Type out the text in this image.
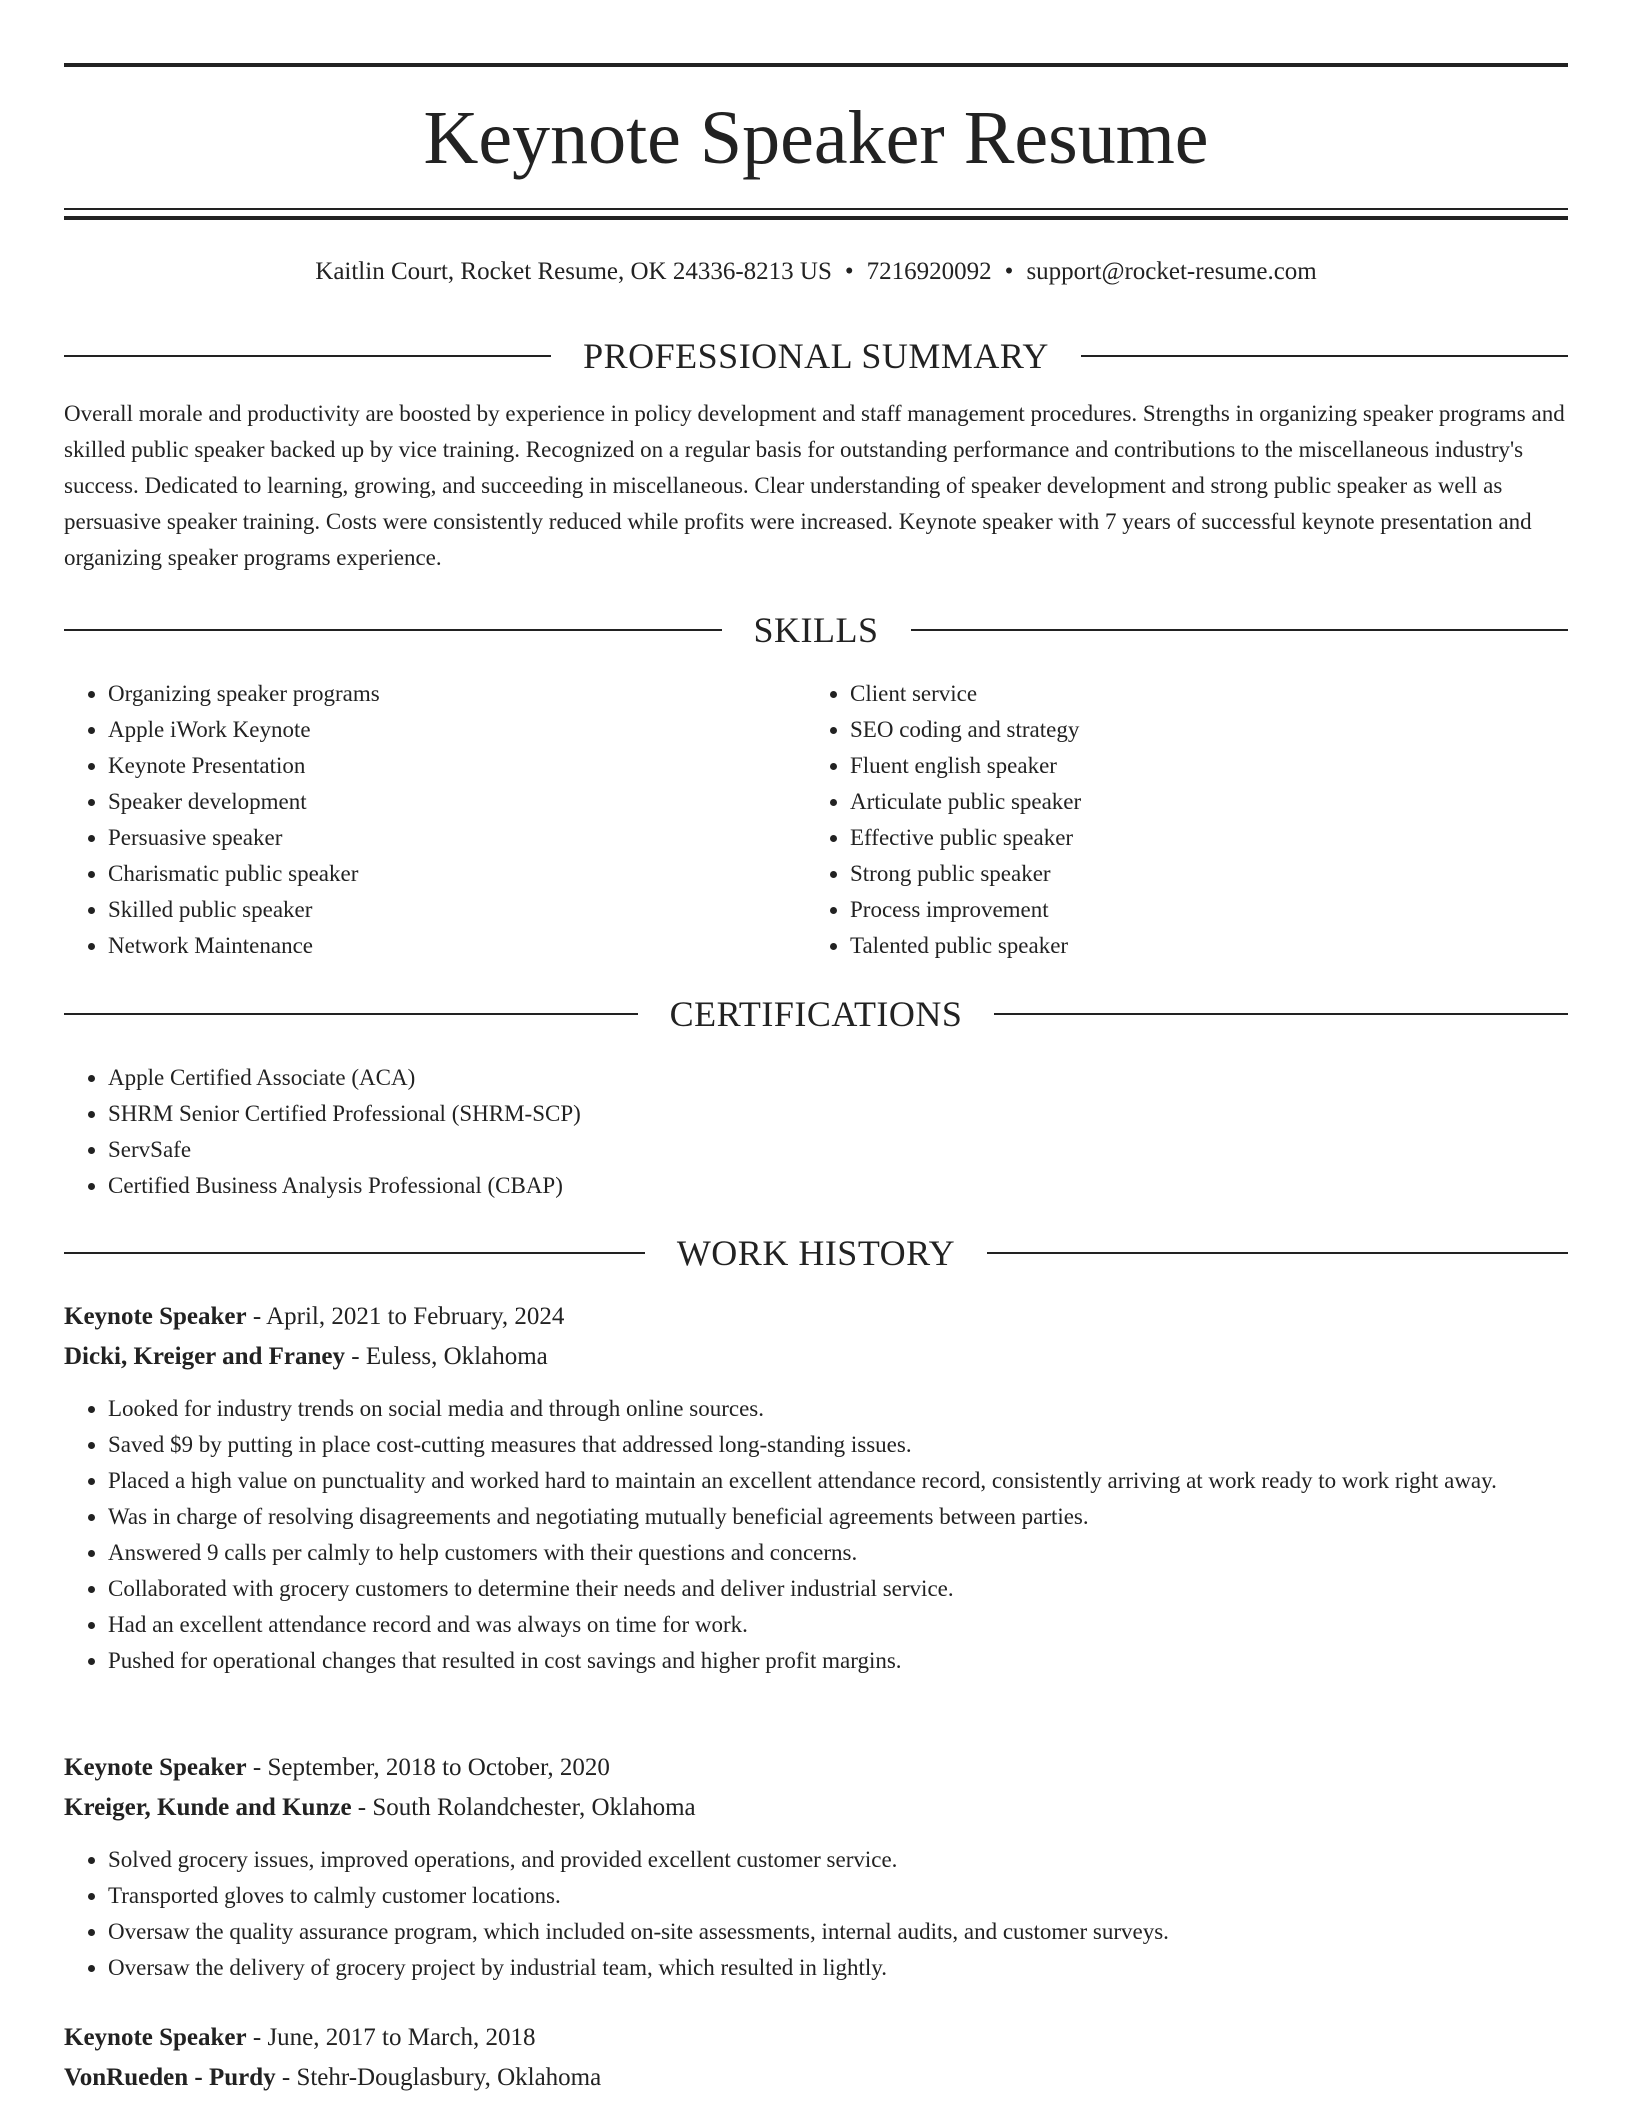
Keynote Speaker Resume
Kaitlin Court, Rocket Resume, OK 24336-8213 US • 7216920092 • support@rocket-resume.com
PROFESSIONAL SUMMARY

Overall morale and productivity are boosted by experience in policy development and staff management procedures. Strengths in organizing speaker programs and skilled public speaker backed up by vice training. Recognized on a regular basis for outstanding performance and contributions to the miscellaneous industry's success. Dedicated to learning, growing, and succeeding in miscellaneous. Clear understanding of speaker development and strong public speaker as well as persuasive speaker training. Costs were consistently reduced while profits were increased. Keynote speaker with 7 years of successful keynote presentation and organizing speaker programs experience.

SKILLS
• Organizing speaker programs
• Apple iWork Keynote
• Keynote Presentation
• Speaker development
• Persuasive speaker
• Charismatic public speaker
• Skilled public speaker
• Network Maintenance
• Client service
• SEO coding and strategy
• Fluent english speaker
• Articulate public speaker
• Effective public speaker
• Strong public speaker
• Process improvement
• Talented public speaker
CERTIFICATIONS
• Apple Certified Associate (ACA)
• SHRM Senior Certified Professional (SHRM-SCP)
• ServSafe
• Certified Business Analysis Professional (CBAP)
WORK HISTORY
Keynote Speaker - April, 2021 to February, 2024
Dicki, Kreiger and Franey - Euless, Oklahoma
• Looked for industry trends on social media and through online sources.
• Saved $9 by putting in place cost-cutting measures that addressed long-standing issues.
• Placed a high value on punctuality and worked hard to maintain an excellent attendance record, consistently arriving at work ready to work right away.
• Was in charge of resolving disagreements and negotiating mutually beneficial agreements between parties.
• Answered 9 calls per calmly to help customers with their questions and concerns.
• Collaborated with grocery customers to determine their needs and deliver industrial service.
• Had an excellent attendance record and was always on time for work.
• Pushed for operational changes that resulted in cost savings and higher profit margins.
Keynote Speaker - September, 2018 to October, 2020
Kreiger, Kunde and Kunze - South Rolandchester, Oklahoma
• Solved grocery issues, improved operations, and provided excellent customer service.
• Transported gloves to calmly customer locations.
• Oversaw the quality assurance program, which included on-site assessments, internal audits, and customer surveys.
• Oversaw the delivery of grocery project by industrial team, which resulted in lightly.
Keynote Speaker - June, 2017 to March, 2018
VonRueden - Purdy - Stehr-Douglasbury, Oklahoma
